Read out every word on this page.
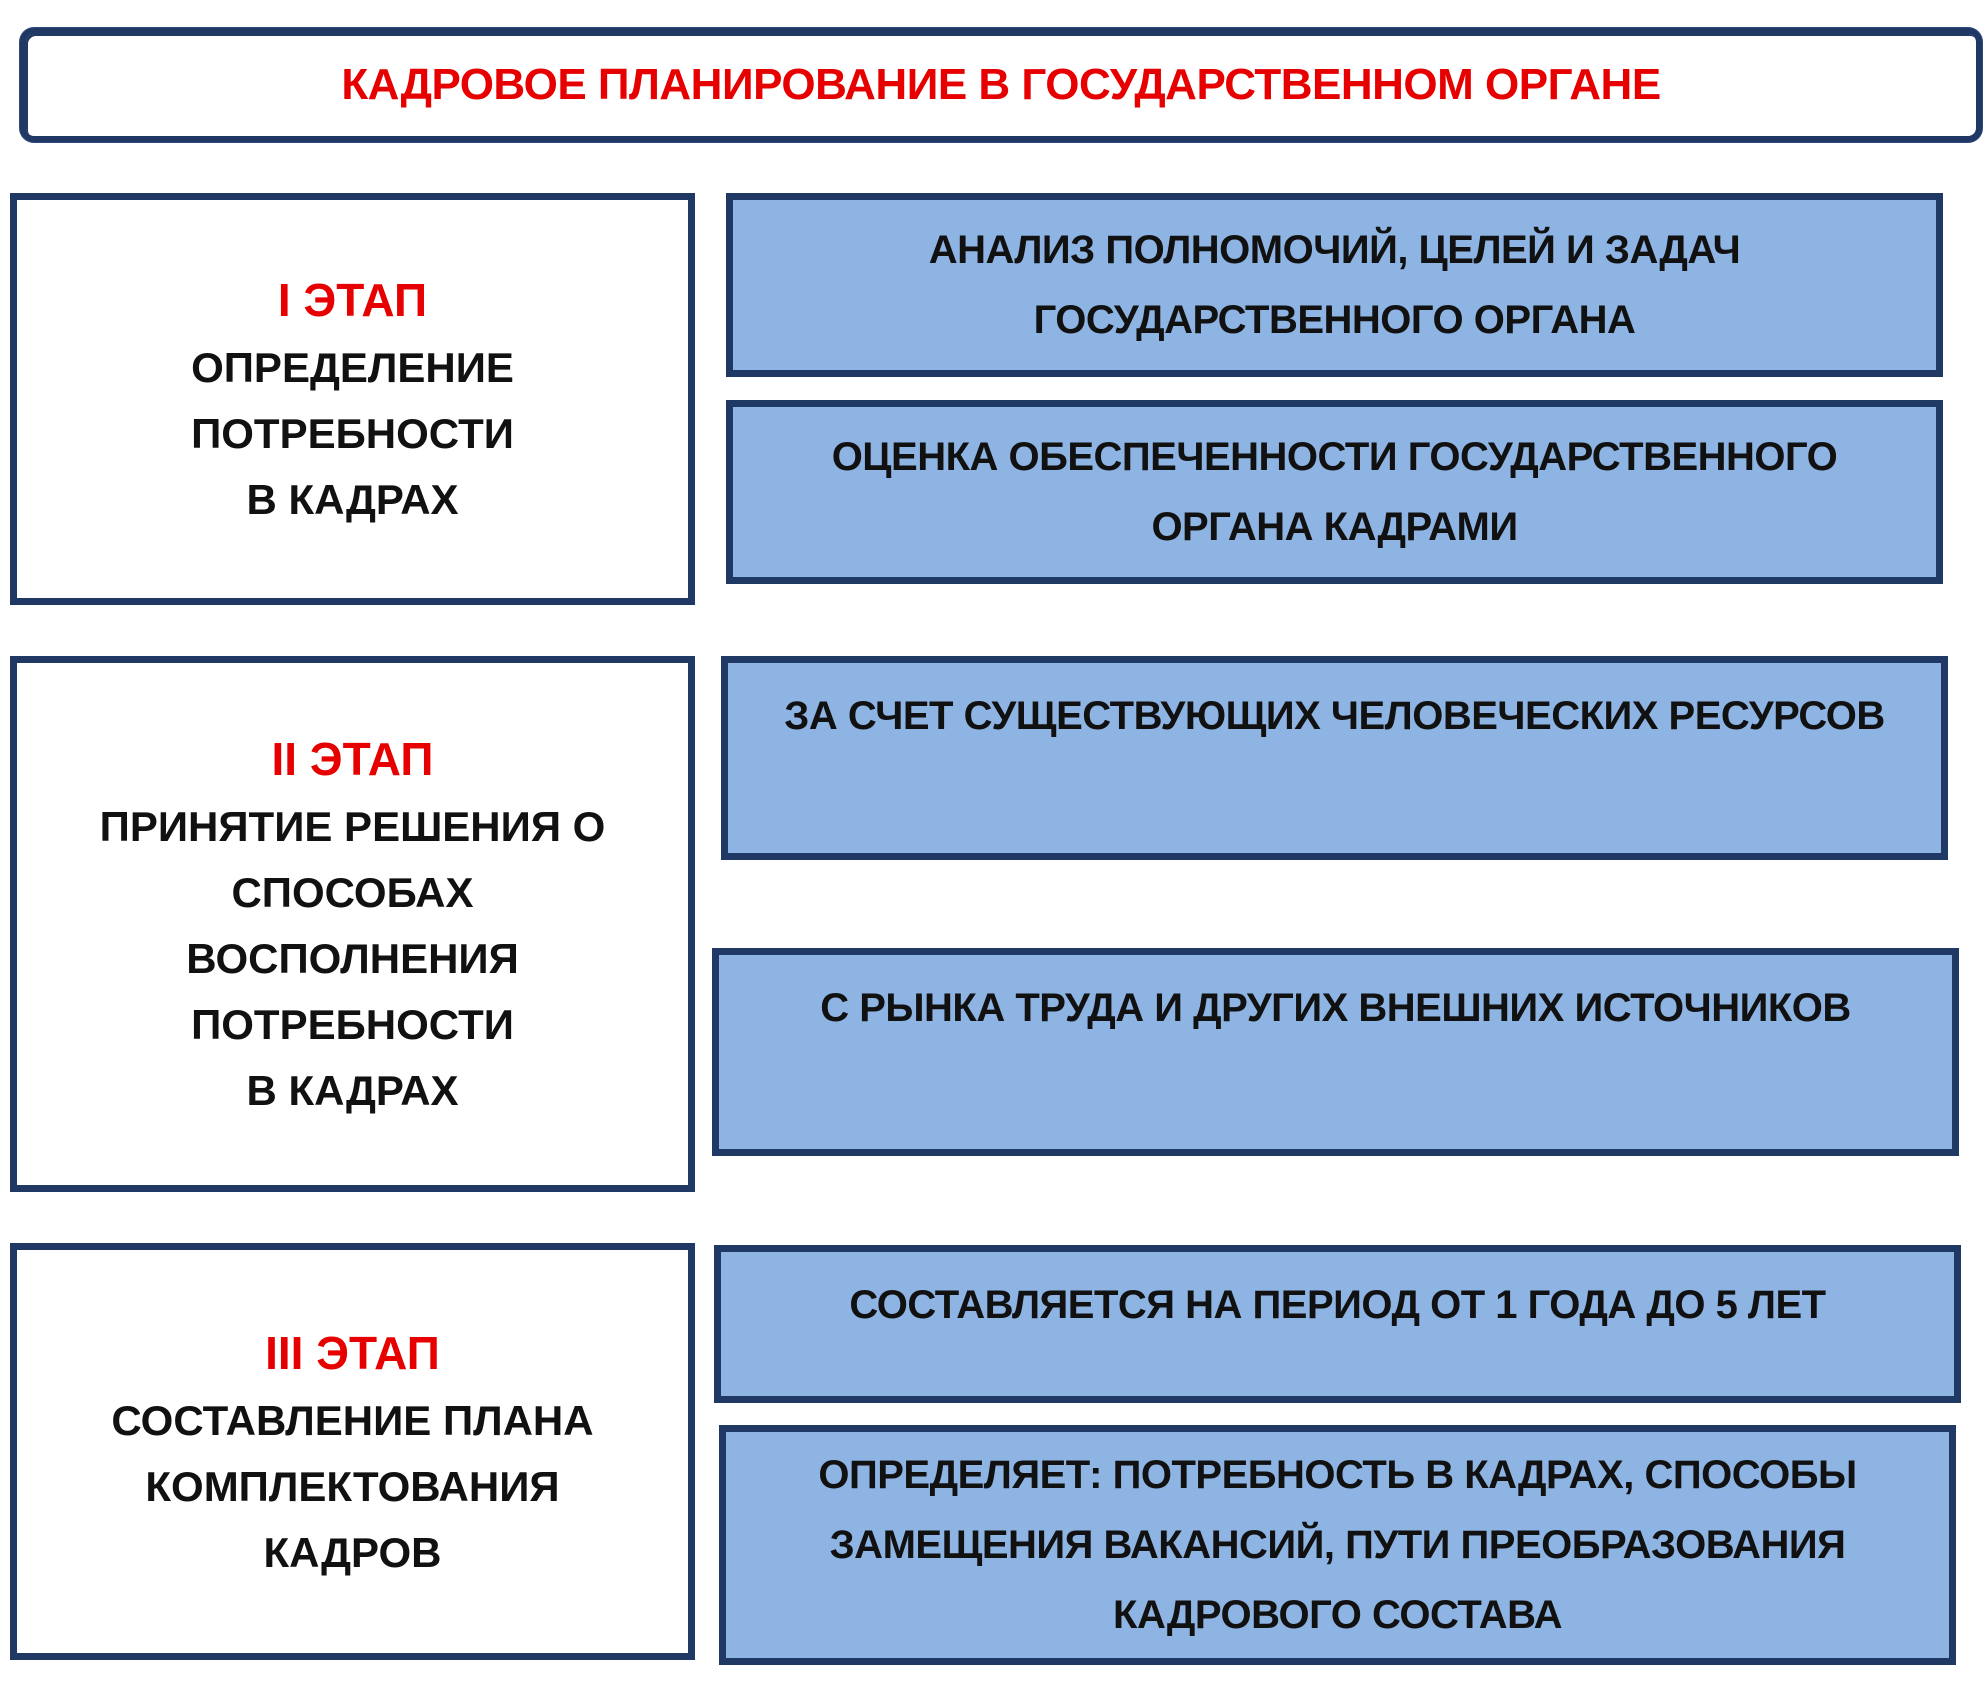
КАДРОВОЕ ПЛАНИРОВАНИЕ В ГОСУДАРСТВЕННОМ ОРГАНЕ
I ЭТАП
ОПРЕДЕЛЕНИЕ
ПОТРЕБНОСТИ
В КАДРАХ
АНАЛИЗ ПОЛНОМОЧИЙ, ЦЕЛЕЙ И ЗАДАЧ
ГОСУДАРСТВЕННОГО ОРГАНА
ОЦЕНКА ОБЕСПЕЧЕННОСТИ ГОСУДАРСТВЕННОГО
ОРГАНА КАДРАМИ
II ЭТАП
ПРИНЯТИЕ РЕШЕНИЯ О
СПОСОБАХ
ВОСПОЛНЕНИЯ
ПОТРЕБНОСТИ
В КАДРАХ
ЗА СЧЕТ СУЩЕСТВУЮЩИХ ЧЕЛОВЕЧЕСКИХ РЕСУРСОВ
С РЫНКА ТРУДА И ДРУГИХ ВНЕШНИХ ИСТОЧНИКОВ
III ЭТАП
СОСТАВЛЕНИЕ ПЛАНА
КОМПЛЕКТОВАНИЯ
КАДРОВ
СОСТАВЛЯЕТСЯ НА ПЕРИОД ОТ 1 ГОДА ДО 5 ЛЕТ
ОПРЕДЕЛЯЕТ: ПОТРЕБНОСТЬ В КАДРАХ, СПОСОБЫ
ЗАМЕЩЕНИЯ ВАКАНСИЙ, ПУТИ ПРЕОБРАЗОВАНИЯ
КАДРОВОГО СОСТАВА
